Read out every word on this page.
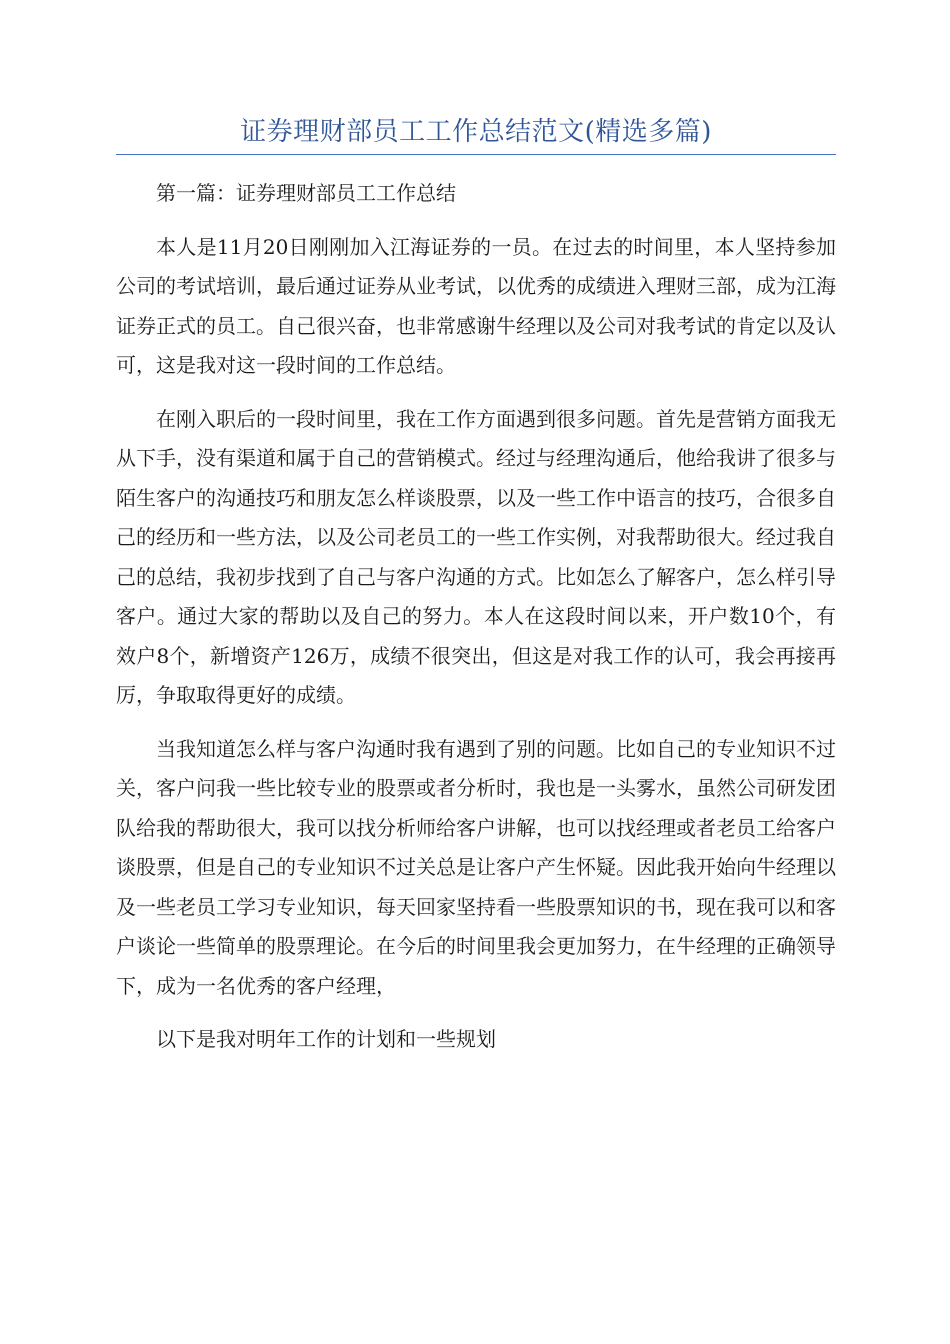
证券理财部员工工作总结范文(精选多篇)

第一篇：证券理财部员工工作总结

本人是11月20日刚刚加入江海证券的一员。在过去的时间里，本人坚持参加公司的考试培训，最后通过证券从业考试，以优秀的成绩进入理财三部，成为江海证券正式的员工。自己很兴奋，也非常感谢牛经理以及公司对我考试的肯定以及认可，这是我对这一段时间的工作总结。

在刚入职后的一段时间里，我在工作方面遇到很多问题。首先是营销方面我无从下手，没有渠道和属于自己的营销模式。经过与经理沟通后，他给我讲了很多与陌生客户的沟通技巧和朋友怎么样谈股票，以及一些工作中语言的技巧，合很多自己的经历和一些方法，以及公司老员工的一些工作实例，对我帮助很大。经过我自己的总结，我初步找到了自己与客户沟通的方式。比如怎么了解客户，怎么样引导客户。通过大家的帮助以及自己的努力。本人在这段时间以来，开户数10个，有效户8个，新增资产126万，成绩不很突出，但这是对我工作的认可，我会再接再厉，争取取得更好的成绩。

当我知道怎么样与客户沟通时我有遇到了别的问题。比如自己的专业知识不过关，客户问我一些比较专业的股票或者分析时，我也是一头雾水，虽然公司研发团队给我的帮助很大，我可以找分析师给客户讲解，也可以找经理或者老员工给客户谈股票，但是自己的专业知识不过关总是让客户产生怀疑。因此我开始向牛经理以及一些老员工学习专业知识，每天回家坚持看一些股票知识的书，现在我可以和客户谈论一些简单的股票理论。在今后的时间里我会更加努力，在牛经理的正确领导下，成为一名优秀的客户经理，

以下是我对明年工作的计划和一些规划
